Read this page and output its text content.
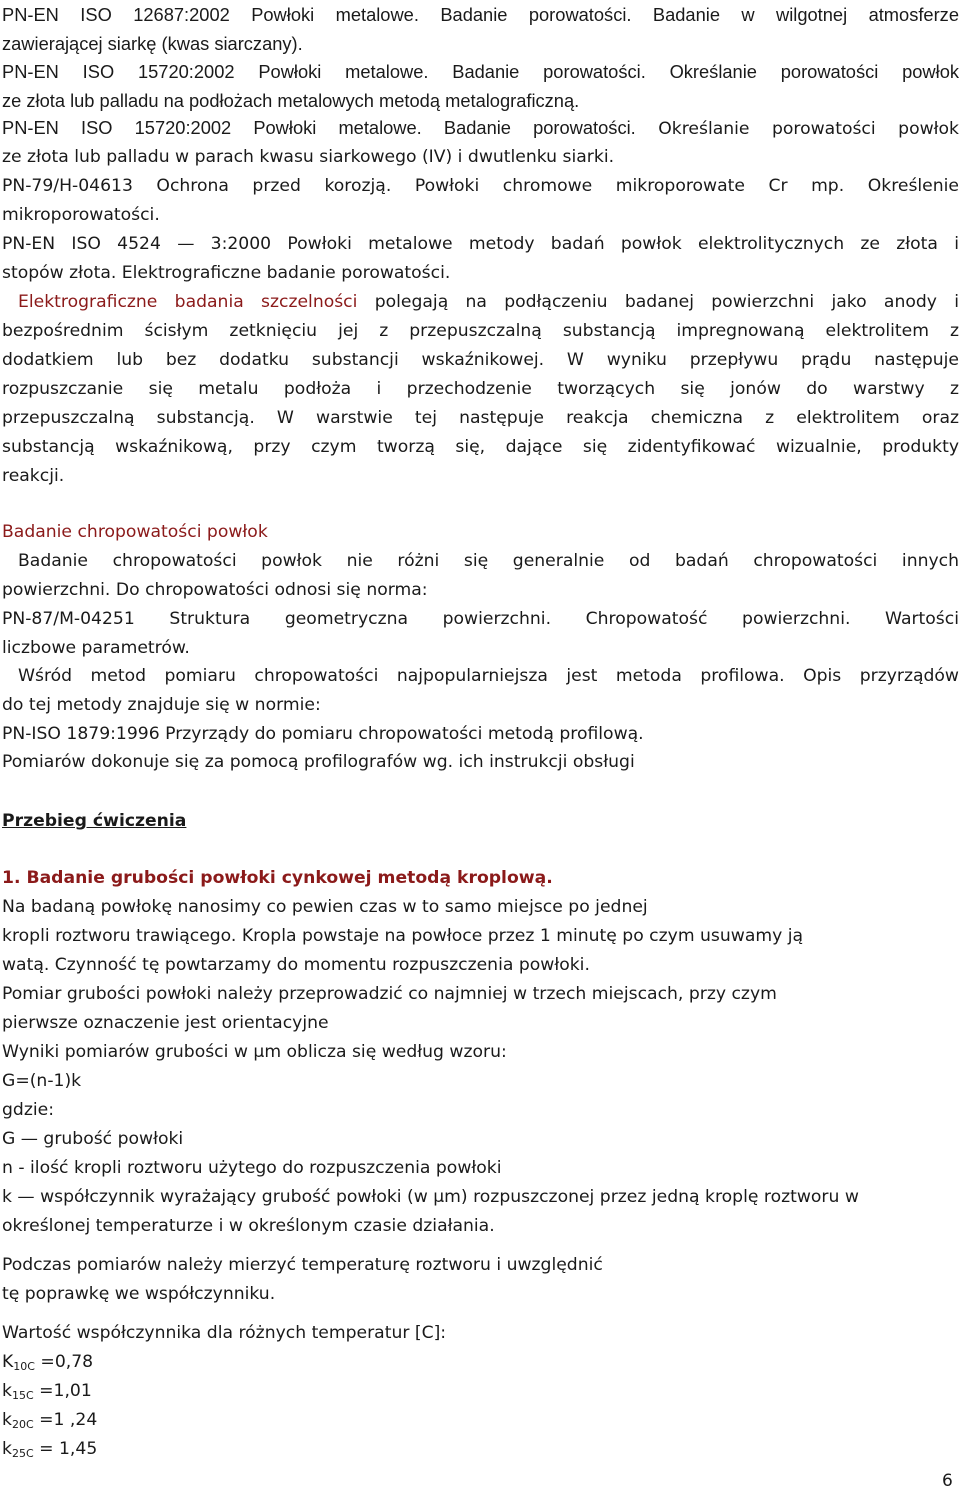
PN-EN ISO 12687:2002 Powłoki metalowe. Badanie porowatości. Badanie w wilgotnej atmosferze

zawierającej siarkę (kwas siarczany).

PN-EN ISO 15720:2002 Powłoki metalowe. Badanie porowatości. Określanie porowatości powłok

ze złota lub palladu na podłożach metalowych metodą metalograficzną.

PN-EN ISO 15720:2002 Powłoki metalowe. Badanie porowatości. Określanie porowatości powłok

ze złota lub palladu w parach kwasu siarkowego (IV) i dwutlenku siarki.

PN-79/H-04613 Ochrona przed korozją. Powłoki chromowe mikroporowate Cr mp. Określenie

mikroporowatości.

PN-EN ISO 4524 — 3:2000 Powłoki metalowe metody badań powłok elektrolitycznych ze złota i

stopów złota. Elektrograficzne badanie porowatości.

Elektrograficzne badania szczelności polegają na podłączeniu badanej powierzchni jako anody i

bezpośrednim ścisłym zetknięciu jej z przepuszczalną substancją impregnowaną elektrolitem z

dodatkiem lub bez dodatku substancji wskaźnikowej. W wyniku przepływu prądu następuje

rozpuszczanie się metalu podłoża i przechodzenie tworzących się jonów do warstwy z

przepuszczalną substancją. W warstwie tej następuje reakcja chemiczna z elektrolitem oraz

substancją wskaźnikową, przy czym tworzą się, dające się zidentyfikować wizualnie, produkty

reakcji.

Badanie chropowatości powłok

Badanie chropowatości powłok nie różni się generalnie od badań chropowatości innych

powierzchni. Do chropowatości odnosi się norma:

PN-87/M-04251 Struktura geometryczna powierzchni. Chropowatość powierzchni. Wartości

liczbowe parametrów.

Wśród metod pomiaru chropowatości najpopularniejsza jest metoda profilowa. Opis przyrządów

do tej metody znajduje się w normie:

PN-ISO 1879:1996 Przyrządy do pomiaru chropowatości metodą profilową.

Pomiarów dokonuje się za pomocą profilografów wg. ich instrukcji obsługi

Przebieg ćwiczenia

1. Badanie grubości powłoki cynkowej metodą kroplową.

Na badaną powłokę nanosimy co pewien czas w to samo miejsce po jednej

kropli roztworu trawiącego. Kropla powstaje na powłoce przez 1 minutę po czym usuwamy ją

watą. Czynność tę powtarzamy do momentu rozpuszczenia powłoki.

Pomiar grubości powłoki należy przeprowadzić co najmniej w trzech miejscach, przy czym

pierwsze oznaczenie jest orientacyjne

Wyniki pomiarów grubości w µm oblicza się według wzoru:

G=(n-1)k

gdzie:

G — grubość powłoki

n - ilość kropli roztworu użytego do rozpuszczenia powłoki

k — współczynnik wyrażający grubość powłoki (w µm) rozpuszczonej przez jedną kroplę roztworu w

określonej temperaturze i w określonym czasie działania.

Podczas pomiarów należy mierzyć temperaturę roztworu i uwzględnić

tę poprawkę we współczynniku.

Wartość współczynnika dla różnych temperatur [C]:

$K_{10C} =0,78$

$k_{15C} =1,01$

$k_{20C} =1$ ,24

$k_{25C} = 1,45$

6
